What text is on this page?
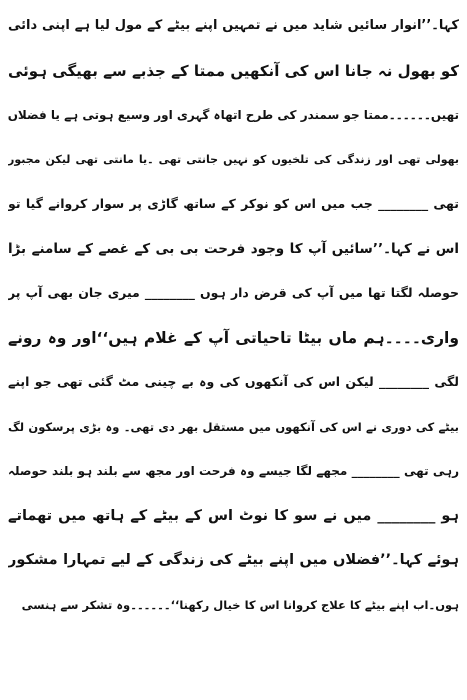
کہا۔’’انوار سائیں شاید میں نے تمہیں اپنے بیٹے کے مول لیا ہے اپنی دائی
کو بھول نہ جانا اس کی آنکھیں ممتا کے جذبے سے بھیگی ہوئی
تھیں۔۔۔۔۔۔ممتا جو سمندر کی طرح اتھاہ گہری اور وسیع ہوتی ہے یا فضلاں
بھولی تھی اور زندگی کی تلخیوں کو نہیں جانتی تھی ۔یا مانتی تھی لیکن مجبور
تھی ________ جب میں اس کو نوکر کے ساتھ گاڑی پر سوار کروانے گیا تو
اس نے کہا۔’’سائیں آپ کا وجود فرحت بی بی کے غصے کے سامنے بڑا
حوصلہ لگتا تھا میں آپ کی قرض دار ہوں ________ میری جان بھی آپ پر
واری۔۔۔۔ہم ماں بیٹا تاحیاتی آپ کے غلام ہیں‘‘اور وہ رونے
لگی ________ لیکن اس کی آنکھوں کی وہ بے چینی مٹ گئی تھی جو اپنے
بیٹے کی دوری نے اس کی آنکھوں میں مستقل بھر دی تھی۔ وہ بڑی پرسکون لگ
رہی تھی ________ مجھے لگا جیسے وہ فرحت اور مجھ سے بلند ہو بلند حوصلہ
ہو ________ میں نے سو کا نوٹ اس کے بیٹے کے ہاتھ میں تھماتے
ہوئے کہا۔’’فضلاں میں اپنے بیٹے کی زندگی کے لیے تمہارا مشکور
ہوں۔اب اپنے بیٹے کا علاج کروانا اس کا خیال رکھنا‘‘۔۔۔۔۔۔وہ تشکر سے ہنسی
